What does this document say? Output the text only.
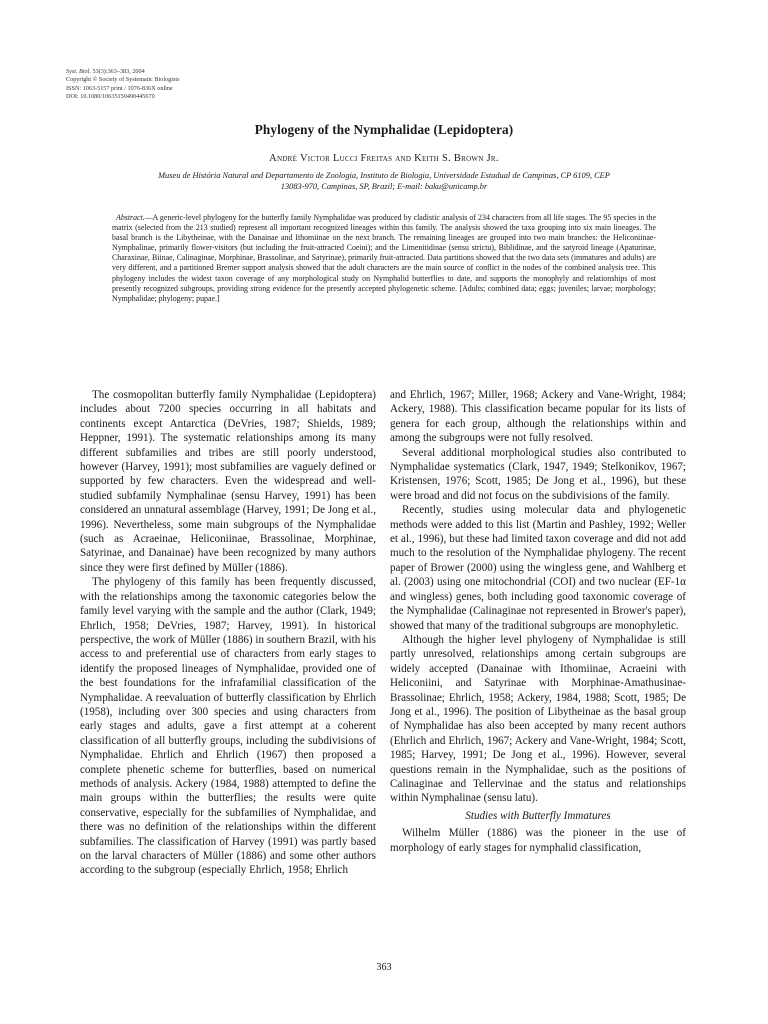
Syst. Biol. 53(3):363–383, 2004
Copyright © Society of Systematic Biologists
ISSN: 1063-5157 print / 1076-836X online
DOI: 10.1080/10635150490445670
Phylogeny of the Nymphalidae (Lepidoptera)
André Victor Lucci Freitas and Keith S. Brown Jr.
Museu de História Natural and Departamento de Zoologia, Instituto de Biologia, Universidade Estadual de Campinas, CP 6109, CEP 13083-970, Campinas, SP, Brazil; E-mail: baku@unicamp.br

Abstract.—A generic-level phylogeny for the butterfly family Nymphalidae was produced by cladistic analysis of 234 characters from all life stages. The 95 species in the matrix (selected from the 213 studied) represent all important recognized lineages within this family. The analysis showed the taxa grouping into six main lineages. The basal branch is the Libytheinae, with the Danainae and Ithomiinae on the next branch. The remaining lineages are grouped into two main branches: the Heliconiinae-Nymphalinae, primarily flower-visitors (but including the fruit-attracted Coeini); and the Limenitidinae (sensu strictu), Biblidinae, and the satyroid lineage (Apaturinae, Charaxinae, Biinae, Calinaginae, Morphinae, Brassolinae, and Satyrinae), primarily fruit-attracted. Data partitions showed that the two data sets (immatures and adults) are very different, and a partitioned Bremer support analysis showed that the adult characters are the main source of conflict in the nodes of the combined analysis tree. This phylogeny includes the widest taxon coverage of any morphological study on Nymphalid butterflies to date, and supports the monophyly and relationships of most presently recognized subgroups, providing strong evidence for the presently accepted phylogenetic scheme. [Adults; combined data; eggs; juveniles; larvae; morphology; Nymphalidae; phylogeny; pupae.]

The cosmopolitan butterfly family Nymphalidae (Lepidoptera) includes about 7200 species occurring in all habitats and continents except Antarctica (DeVries, 1987; Shields, 1989; Heppner, 1991). The systematic relationships among its many different subfamilies and tribes are still poorly understood, however (Harvey, 1991); most subfamilies are vaguely defined or supported by few characters. Even the widespread and well-studied subfamily Nymphalinae (sensu Harvey, 1991) has been considered an unnatural assemblage (Harvey, 1991; De Jong et al., 1996). Nevertheless, some main subgroups of the Nymphalidae (such as Acraeinae, Heliconiinae, Brassolinae, Morphinae, Satyrinae, and Danainae) have been recognized by many authors since they were first defined by Müller (1886).

The phylogeny of this family has been frequently discussed, with the relationships among the taxonomic categories below the family level varying with the sample and the author (Clark, 1949; Ehrlich, 1958; DeVries, 1987; Harvey, 1991). In historical perspective, the work of Müller (1886) in southern Brazil, with his access to and preferential use of characters from early stages to identify the proposed lineages of Nymphalidae, provided one of the best foundations for the infrafamilial classification of the Nymphalidae. A reevaluation of butterfly classification by Ehrlich (1958), including over 300 species and using characters from early stages and adults, gave a first attempt at a coherent classification of all butterfly groups, including the subdivisions of Nymphalidae. Ehrlich and Ehrlich (1967) then proposed a complete phenetic scheme for butterflies, based on numerical methods of analysis. Ackery (1984, 1988) attempted to define the main groups within the butterflies; the results were quite conservative, especially for the subfamilies of Nymphalidae, and there was no definition of the relationships within the different subfamilies. The classification of Harvey (1991) was partly based on the larval characters of Müller (1886) and some other authors according to the subgroup (especially Ehrlich, 1958; Ehrlich

and Ehrlich, 1967; Miller, 1968; Ackery and Vane-Wright, 1984; Ackery, 1988). This classification became popular for its lists of genera for each group, although the relationships within and among the subgroups were not fully resolved.

Several additional morphological studies also contributed to Nymphalidae systematics (Clark, 1947, 1949; Stelkonikov, 1967; Kristensen, 1976; Scott, 1985; De Jong et al., 1996), but these were broad and did not focus on the subdivisions of the family.

Recently, studies using molecular data and phylogenetic methods were added to this list (Martin and Pashley, 1992; Weller et al., 1996), but these had limited taxon coverage and did not add much to the resolution of the Nymphalidae phylogeny. The recent paper of Brower (2000) using the wingless gene, and Wahlberg et al. (2003) using one mitochondrial (COI) and two nuclear (EF-1α and wingless) genes, both including good taxonomic coverage of the Nymphalidae (Calinaginae not represented in Brower's paper), showed that many of the traditional subgroups are monophyletic.

Although the higher level phylogeny of Nymphalidae is still partly unresolved, relationships among certain subgroups are widely accepted (Danainae with Ithomiinae, Acraeini with Heliconiini, and Satyrinae with Morphinae-Amathusinae-Brassolinae; Ehrlich, 1958; Ackery, 1984, 1988; Scott, 1985; De Jong et al., 1996). The position of Libytheinae as the basal group of Nymphalidae has also been accepted by many recent authors (Ehrlich and Ehrlich, 1967; Ackery and Vane-Wright, 1984; Scott, 1985; Harvey, 1991; De Jong et al., 1996). However, several questions remain in the Nymphalidae, such as the positions of Calinaginae and Tellervinae and the status and relationships within Nymphalinae (sensu latu).

Studies with Butterfly Immatures

Wilhelm Müller (1886) was the pioneer in the use of morphology of early stages for nymphalid classification,

363
